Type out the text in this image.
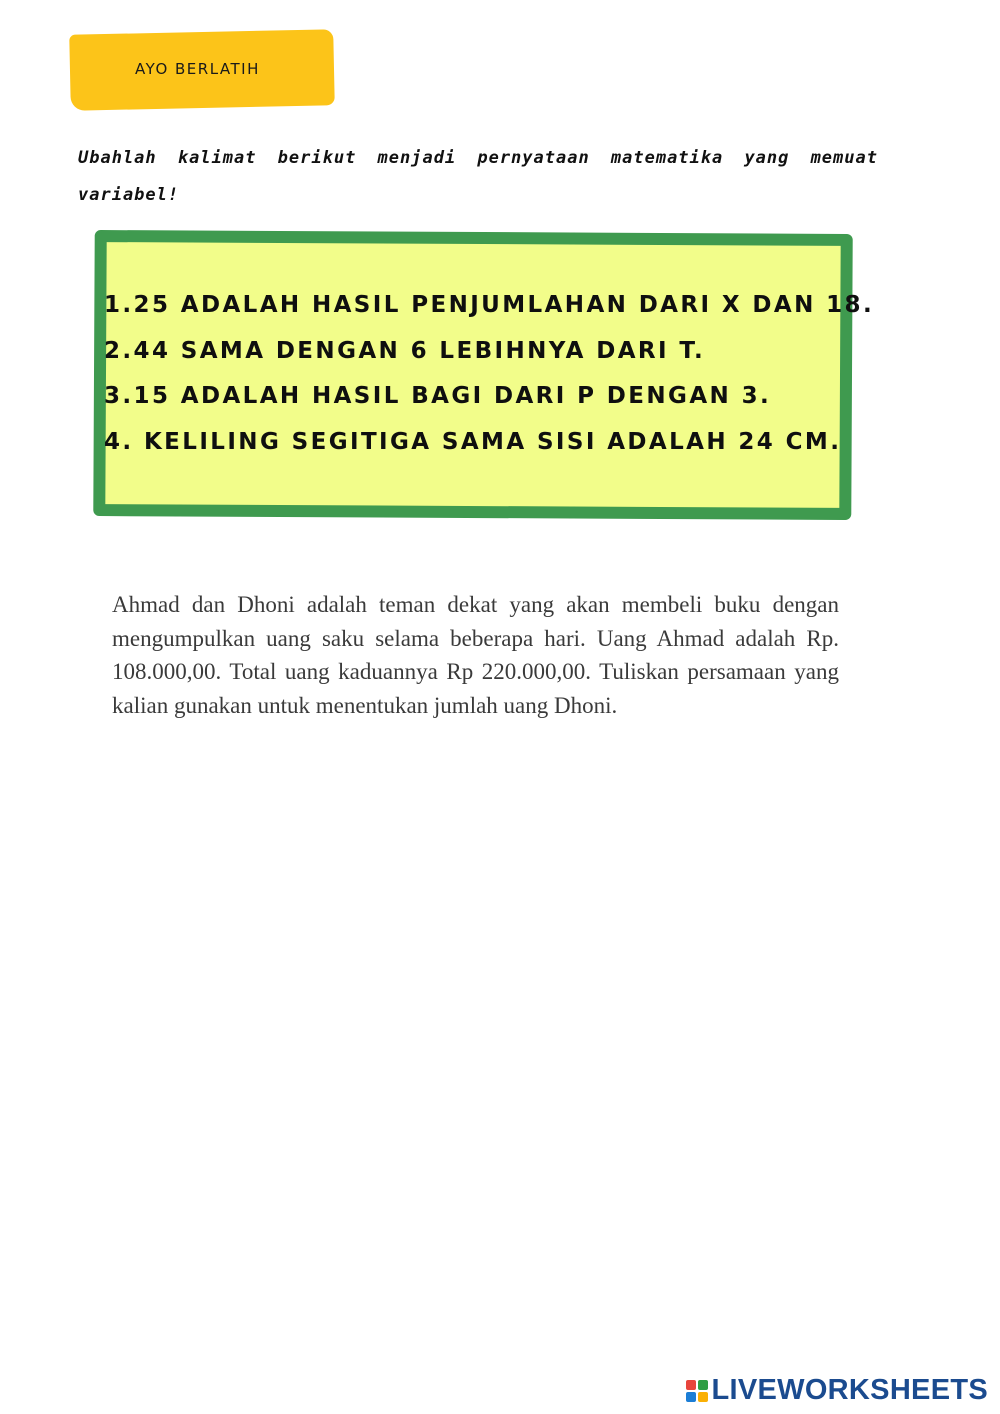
AYO BERLATIH
Ubahlah kalimat berikut menjadi pernyataan matematika yang memuat variabel!
1.25 ADALAH HASIL PENJUMLAHAN DARI X DAN 18.
2.44 SAMA DENGAN 6 LEBIHNYA DARI T.
3.15 ADALAH HASIL BAGI DARI P DENGAN 3.
4. KELILING SEGITIGA SAMA SISI ADALAH 24 CM.
Ahmad dan Dhoni adalah teman dekat yang akan membeli buku dengan mengumpulkan uang saku selama beberapa hari. Uang Ahmad adalah Rp. 108.000,00. Total uang kaduannya Rp 220.000,00. Tuliskan persamaan yang kalian gunakan untuk menentukan jumlah uang Dhoni.
LIVEWORKSHEETS
